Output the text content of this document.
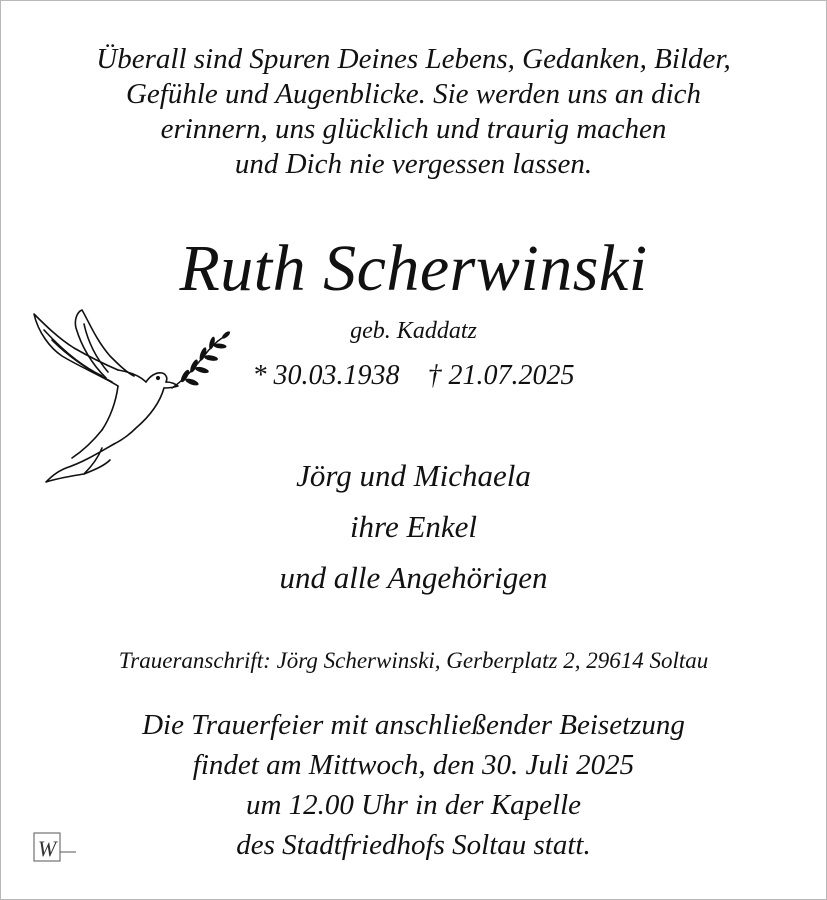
Überall sind Spuren Deines Lebens, Gedanken, Bilder,
Gefühle und Augenblicke. Sie werden uns an dich
erinnern, uns glücklich und traurig machen
und Dich nie vergessen lassen.
Ruth Scherwinski
geb. Kaddatz
* 30.03.1938 † 21.07.2025
Jörg und Michaela
ihre Enkel
und alle Angehörigen
Traueranschrift: Jörg Scherwinski, Gerberplatz 2, 29614 Soltau
Die Trauerfeier mit anschließender Beisetzung
findet am Mittwoch, den 30. Juli 2025
um 12.00 Uhr in der Kapelle
des Stadtfriedhofs Soltau statt.
W
